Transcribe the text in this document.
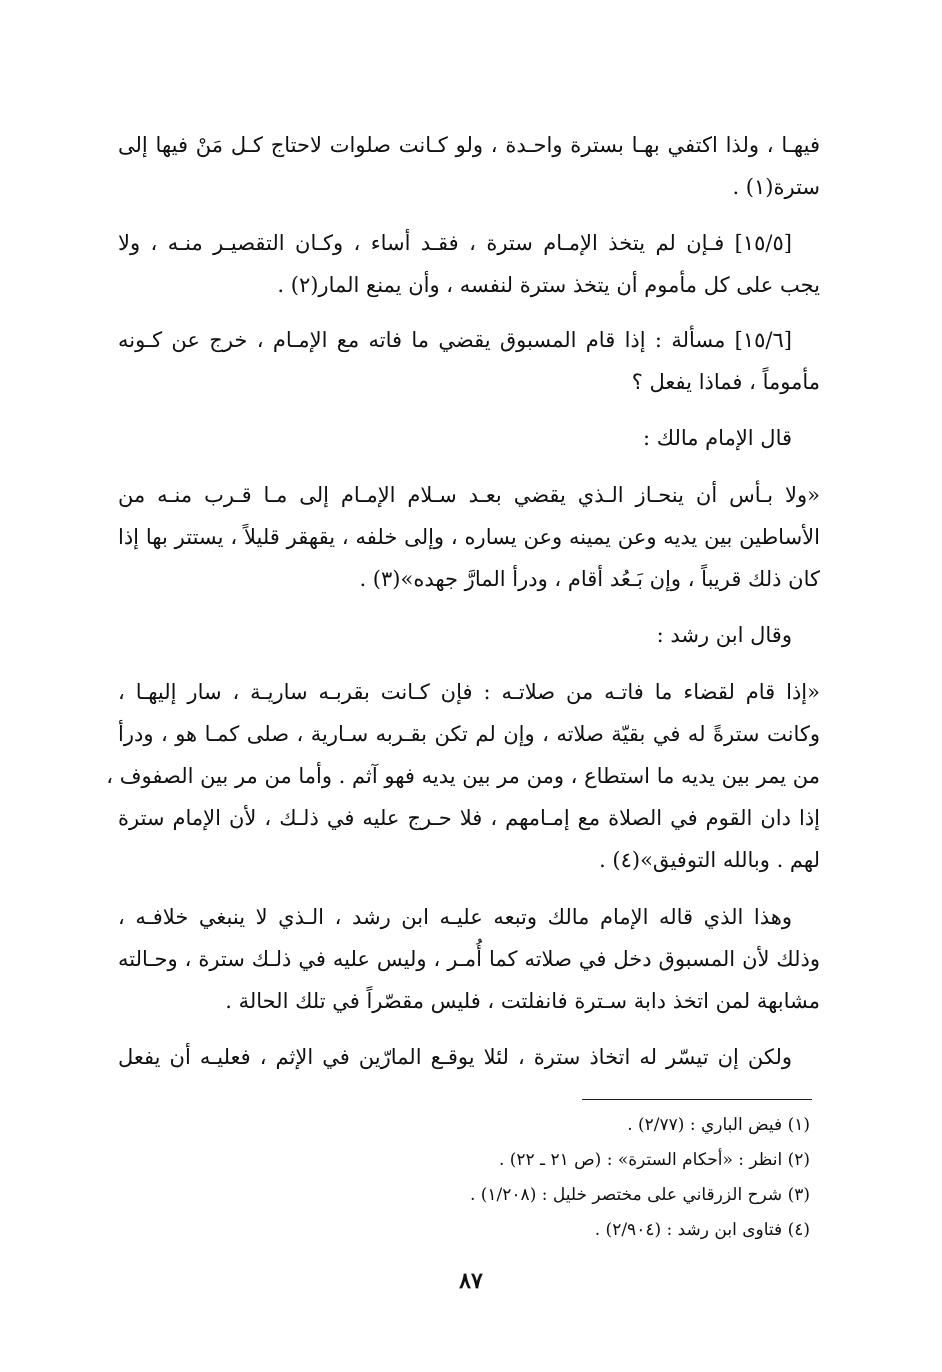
فيهـا ، ولذا اكتفي بهـا بسترة واحـدة ، ولو كـانت صلوات لاحتاج كـل مَنْ فيها إلى
سترة(١) .
[١٥/٥] فـإن لم يتخذ الإمـام سترة ، فقـد أساء ، وكـان التقصيـر منـه ، ولا
يجب على كل مأموم أن يتخذ سترة لنفسه ، وأن يمنع المار(٢) .
[١٥/٦] مسألة : إذا قام المسبوق يقضي ما فاته مع الإمـام ، خرج عن كـونه
مأموماً ، فماذا يفعل ؟
قال الإمام مالك :
«ولا بـأس أن ينحـاز الـذي يقضي بعـد سـلام الإمـام إلى مـا قـرب منـه من
الأساطين بين يديه وعن يمينه وعن يساره ، وإلى خلفه ، يقهقر قليلاً ، يستتر بها إذا
كان ذلك قريباً ، وإن بَـعُد أقام ، ودرأ المارَّ جهده»(٣) .
وقال ابن رشد :
«إذا قام لقضاء ما فاتـه من صلاتـه : فإن كـانت بقربـه ساريـة ، سار إليهـا ،
وكانت سترةً له في بقيّة صلاته ، وإن لم تكن بقـربه سـارية ، صلى كمـا هو ، ودرأ
من يمر بين يديه ما استطاع ، ومن مر بين يديه فهو آثم . وأما من مر بين الصفوف ،
إذا دان القوم في الصلاة مع إمـامهم ، فلا حـرج عليه في ذلـك ، لأن الإمام سترة
لهم . وبالله التوفيق»(٤) .
وهذا الذي قاله الإمام مالك وتبعه عليـه ابن رشد ، الـذي لا ينبغي خلافـه ،
وذلك لأن المسبوق دخل في صلاته كما أُمـر ، وليس عليه في ذلـك سترة ، وحـالته
مشابهة لمن اتخذ دابة سـترة فانفلتت ، فليس مقصّراً في تلك الحالة .
ولكن إن تيسّر له اتخاذ سترة ، لئلا يوقـع المارّين في الإثم ، فعليـه أن يفعل
(١) فيض الباري : (٢/٧٧) .
(٢) انظر : «أحكام السترة» : (ص ٢١ ـ ٢٢) .
(٣) شرح الزرقاني على مختصر خليل : (١/٢٠٨) .
(٤) فتاوى ابن رشد : (٢/٩٠٤) .
٨٧
